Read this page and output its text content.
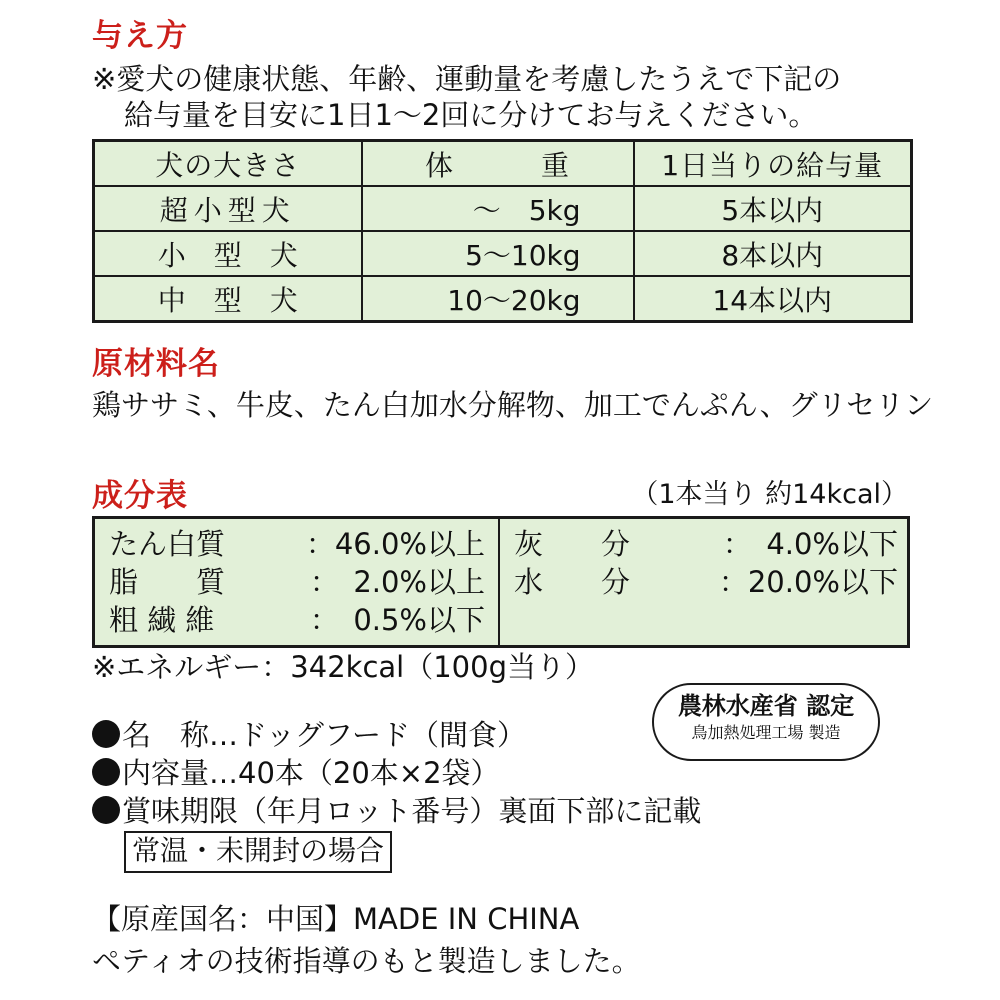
与え方

※愛犬の健康状態、年齢、運動量を考慮したうえで下記の

給与量を目安に1日1〜2回に分けてお与えください。

犬の大きさ	体　　　重	1日当りの給与量
超小型犬	〜　5kg	5本以内
小　型　犬	5〜10kg	8本以内
中　型　犬	10〜20kg	14本以内
原材料名

鶏ササミ、牛皮、たん白加水分解物、加工でんぷん、グリセリン

成分表	（1本当り 約14kcal）

たん白質	：46.0%以上
脂　　質	：　2.0%以上
粗 繊 維	：　0.5%以下
灰　　分	：　4.0%以下
水　　分	：20.0%以下

※エネルギー：342kcal（100g当り）

農林水産省 認定
鳥加熱処理工場 製造

名　称…ドッグフード（間食）

内容量…40本（20本×2袋）

賞味期限（年月ロット番号）裏面下部に記載

常温・未開封の場合

【原産国名：中国】MADE IN CHINA

ペティオの技術指導のもと製造しました。
